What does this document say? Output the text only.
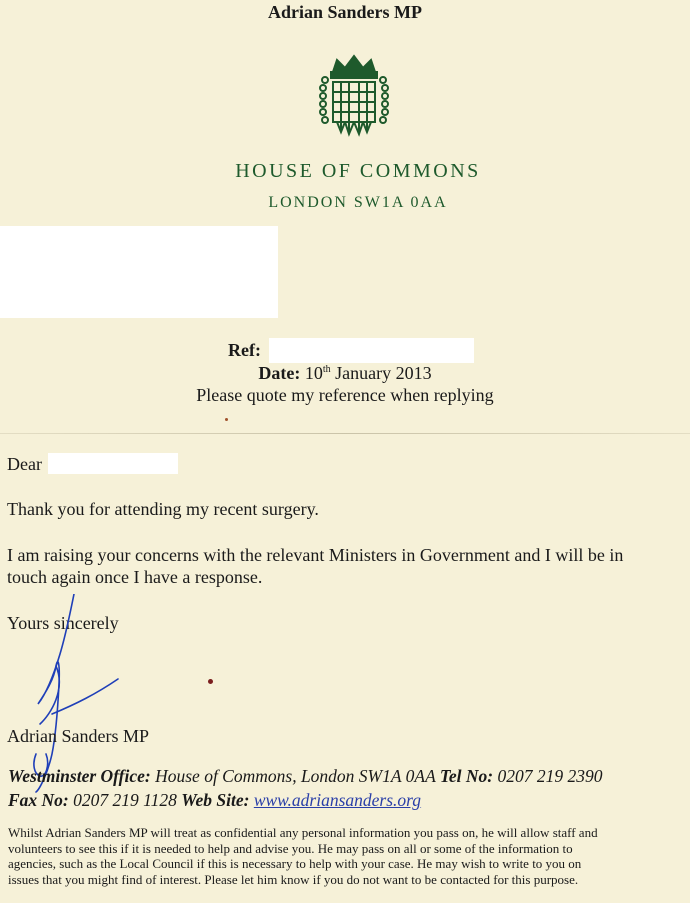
Adrian Sanders MP
HOUSE OF COMMONS
LONDON SW1A 0AA
Ref:
Date: 10th January 2013
Please quote my reference when replying
Dear
Thank you for attending my recent surgery.
I am raising your concerns with the relevant Ministers in Government and I will be in
touch again once I have a response.
Yours sincerely
Adrian Sanders MP
Westminster Office: House of Commons, London SW1A 0AA Tel No: 0207 219 2390
Fax No: 0207 219 1128 Web Site: www.adriansanders.org
Whilst Adrian Sanders MP will treat as confidential any personal information you pass on, he will allow staff and
volunteers to see this if it is needed to help and advise you. He may pass on all or some of the information to
agencies, such as the Local Council if this is necessary to help with your case. He may wish to write to you on
issues that you might find of interest. Please let him know if you do not want to be contacted for this purpose.
